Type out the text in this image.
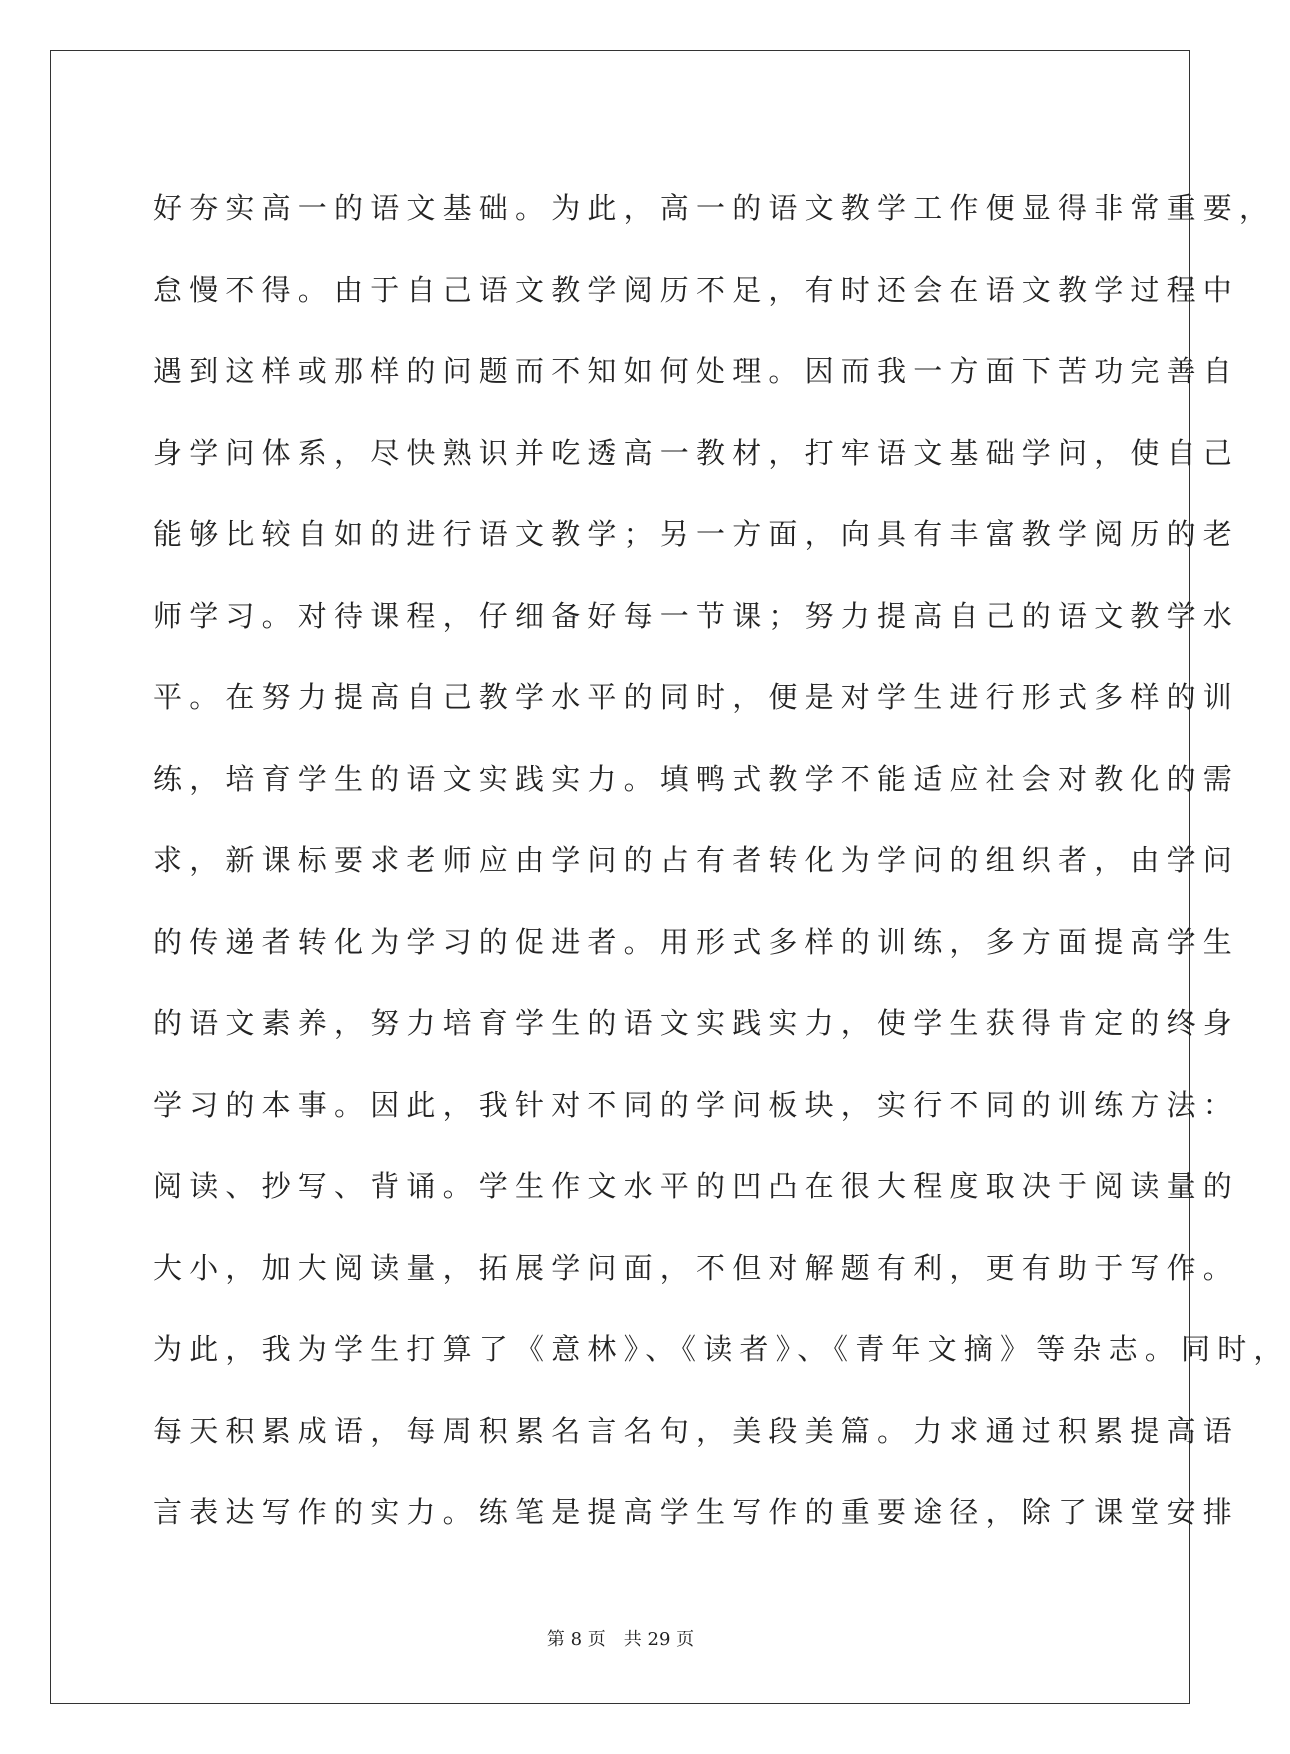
好夯实高一的语文基础。为此，高一的语文教学工作便显得非常重要，
怠慢不得。由于自己语文教学阅历不足，有时还会在语文教学过程中
遇到这样或那样的问题而不知如何处理。因而我一方面下苦功完善自
身学问体系，尽快熟识并吃透高一教材，打牢语文基础学问，使自己
能够比较自如的进行语文教学；另一方面，向具有丰富教学阅历的老
师学习。对待课程，仔细备好每一节课；努力提高自己的语文教学水
平。在努力提高自己教学水平的同时，便是对学生进行形式多样的训
练，培育学生的语文实践实力。填鸭式教学不能适应社会对教化的需
求，新课标要求老师应由学问的占有者转化为学问的组织者，由学问
的传递者转化为学习的促进者。用形式多样的训练，多方面提高学生
的语文素养，努力培育学生的语文实践实力，使学生获得肯定的终身
学习的本事。因此，我针对不同的学问板块，实行不同的训练方法：
阅读、抄写、背诵。学生作文水平的凹凸在很大程度取决于阅读量的
大小，加大阅读量，拓展学问面，不但对解题有利，更有助于写作。
为此，我为学生打算了《意林》、《读者》、《青年文摘》等杂志。同时，
每天积累成语，每周积累名言名句，美段美篇。力求通过积累提高语
言表达写作的实力。练笔是提高学生写作的重要途径，除了课堂安排
第 8 页　共 29 页
